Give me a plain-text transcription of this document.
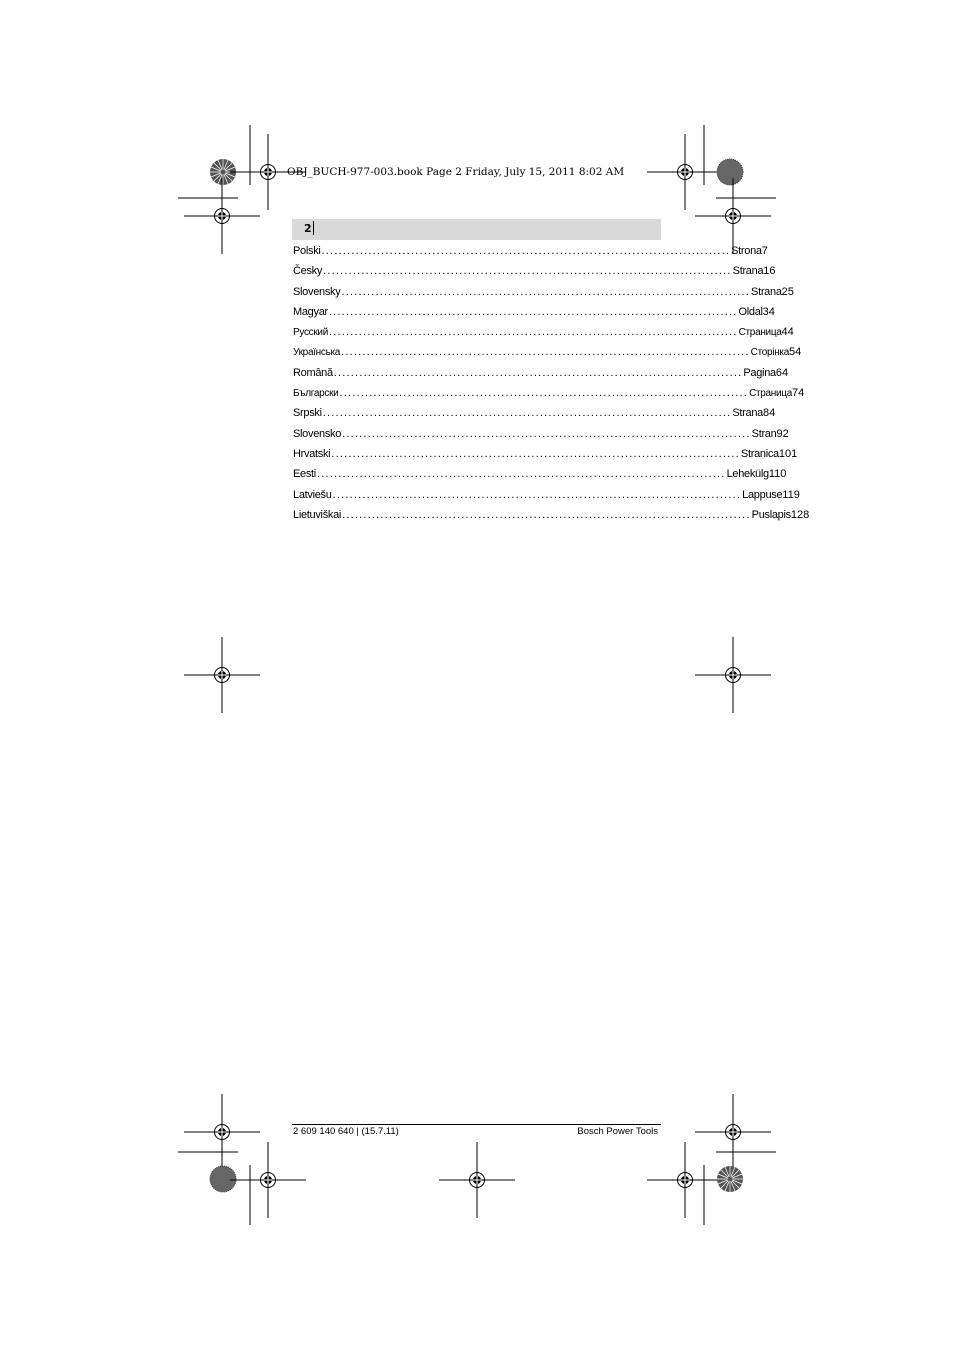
OBJ_BUCH-977-003.book Page 2 Friday, July 15, 2011 8:02 AM
2
Polski ................................................................................................ Strona 7
Česky ................................................................................................ Strana 16
Slovensky ................................................................................................ Strana 25
Magyar ................................................................................................ Oldal 34
Русский ................................................................................................ Страница 44
Українська ................................................................................................ Сторінка 54
Română ................................................................................................ Pagina 64
Български ................................................................................................ Страница 74
Srpski ................................................................................................ Strana 84
Slovensko ................................................................................................ Stran 92
Hrvatski ................................................................................................ Stranica 101
Eesti ................................................................................................ Lehekülg 110
Latviešu ................................................................................................ Lappuse 119
Lietuviškai ................................................................................................ Puslapis 128
2 609 140 640 | (15.7.11)	Bosch Power Tools
